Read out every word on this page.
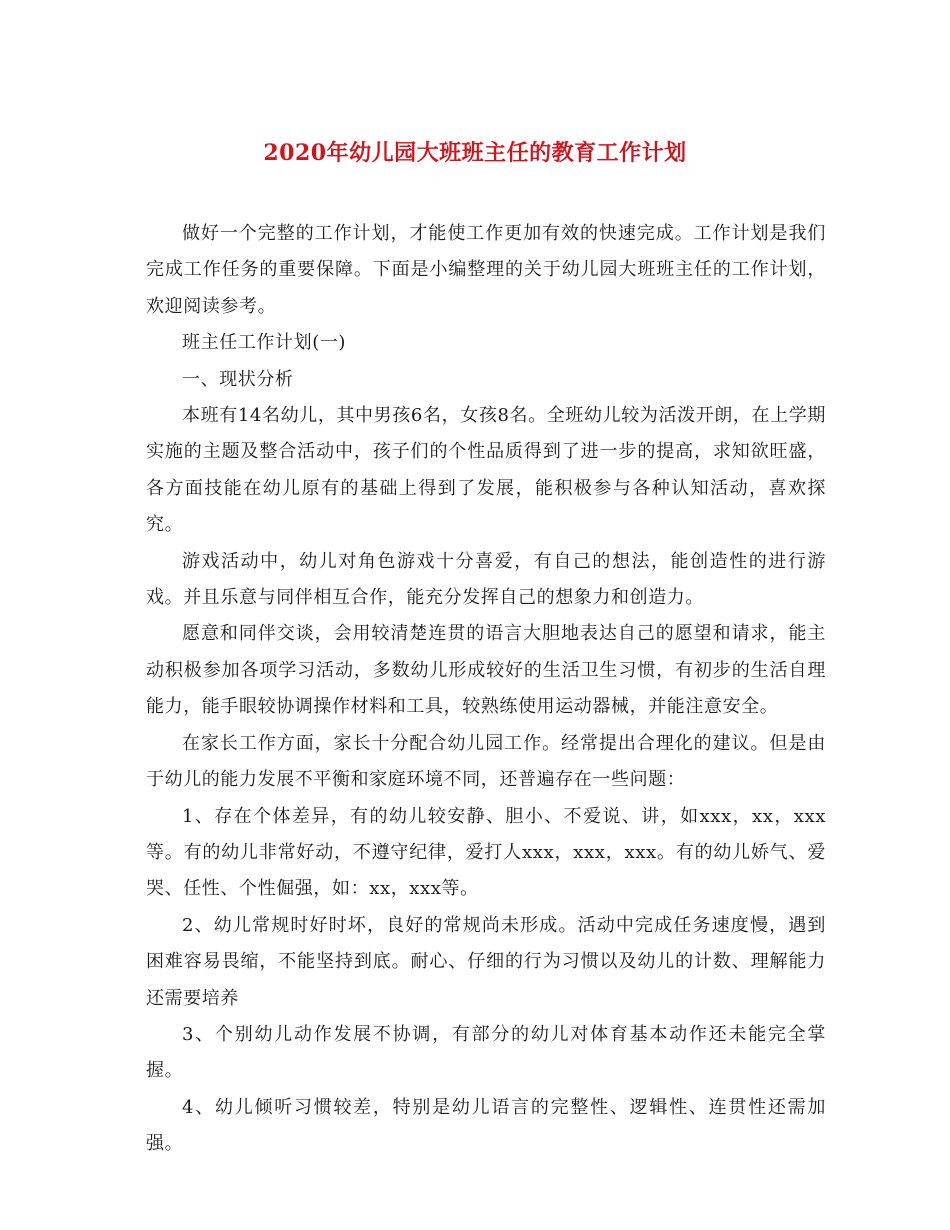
2020年幼儿园大班班主任的教育工作计划

做好一个完整的工作计划，才能使工作更加有效的快速完成。工作计划是我们完成工作任务的重要保障。下面是小编整理的关于幼儿园大班班主任的工作计划，欢迎阅读参考。

班主任工作计划(一)

一、现状分析

本班有14名幼儿，其中男孩6名，女孩8名。全班幼儿较为活泼开朗，在上学期实施的主题及整合活动中，孩子们的个性品质得到了进一步的提高，求知欲旺盛，各方面技能在幼儿原有的基础上得到了发展，能积极参与各种认知活动，喜欢探究。

游戏活动中，幼儿对角色游戏十分喜爱，有自己的想法，能创造性的进行游戏。并且乐意与同伴相互合作，能充分发挥自己的想象力和创造力。

愿意和同伴交谈，会用较清楚连贯的语言大胆地表达自己的愿望和请求，能主动积极参加各项学习活动，多数幼儿形成较好的生活卫生习惯，有初步的生活自理能力，能手眼较协调操作材料和工具，较熟练使用运动器械，并能注意安全。

在家长工作方面，家长十分配合幼儿园工作。经常提出合理化的建议。但是由于幼儿的能力发展不平衡和家庭环境不同，还普遍存在一些问题：

1、存在个体差异，有的幼儿较安静、胆小、不爱说、讲，如xxx，xx，xxx等。有的幼儿非常好动，不遵守纪律，爱打人xxx，xxx，xxx。有的幼儿娇气、爱哭、任性、个性倔强，如：xx，xxx等。

2、幼儿常规时好时坏，良好的常规尚未形成。活动中完成任务速度慢，遇到困难容易畏缩，不能坚持到底。耐心、仔细的行为习惯以及幼儿的计数、理解能力还需要培养

3、个别幼儿动作发展不协调，有部分的幼儿对体育基本动作还未能完全掌握。

4、幼儿倾听习惯较差，特别是幼儿语言的完整性、逻辑性、连贯性还需加强。
